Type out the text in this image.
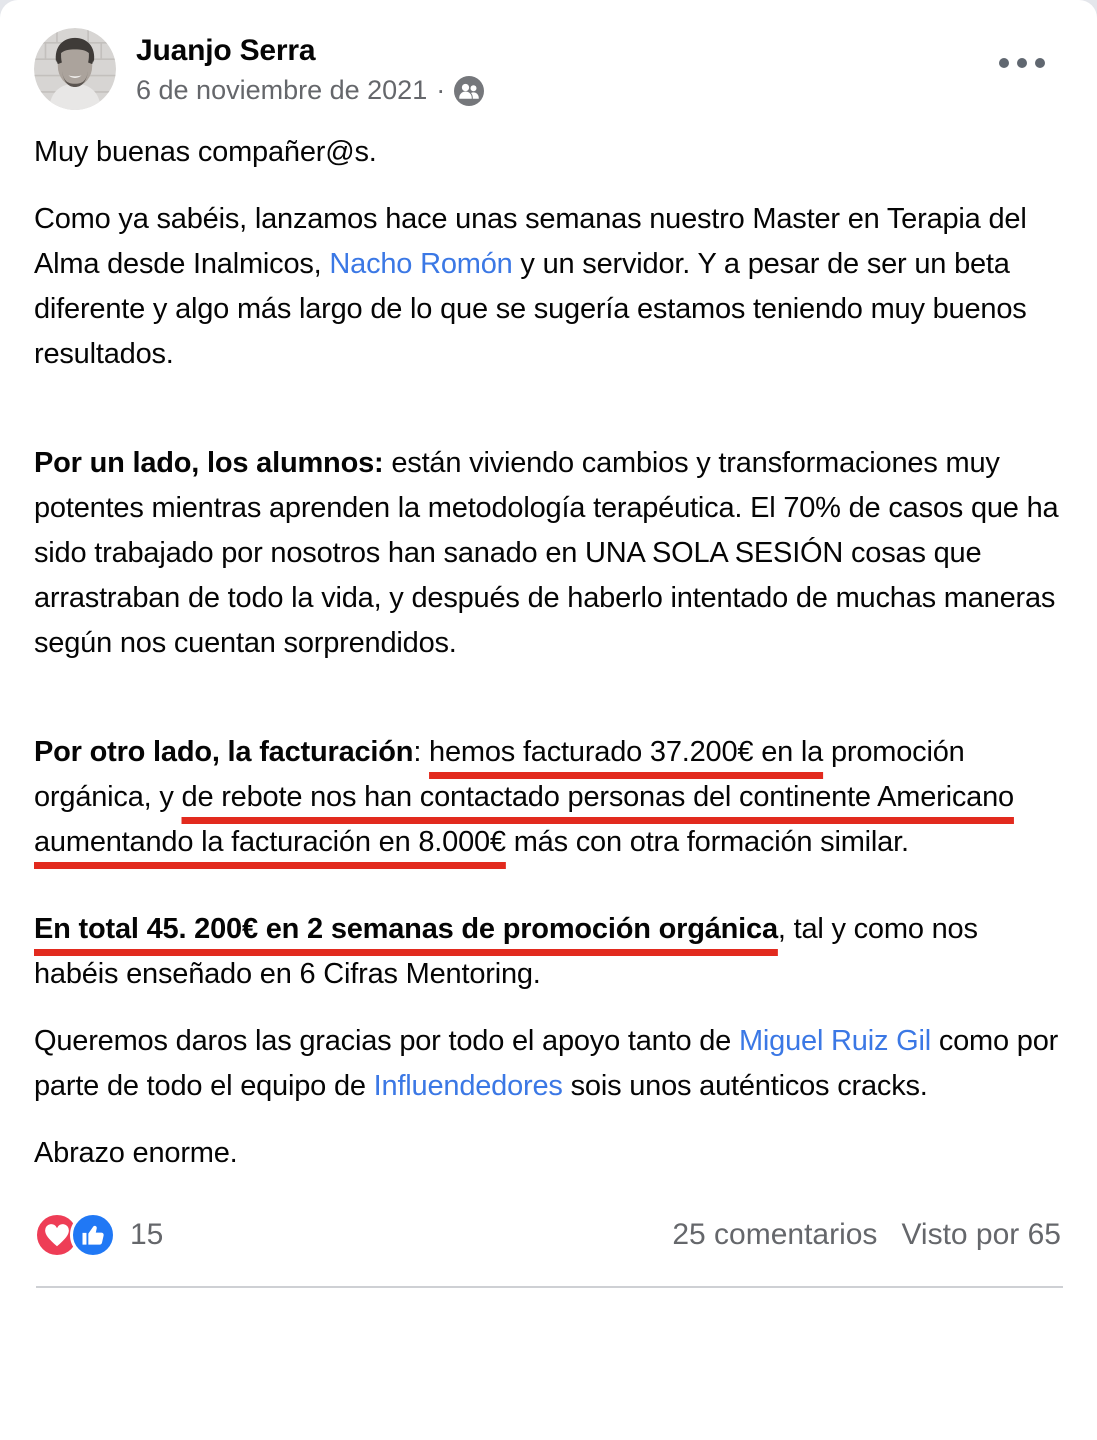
Juanjo Serra
6 de noviembre de 2021 ·

Muy buenas compañer@s.

Como ya sabéis, lanzamos hace unas semanas nuestro Master en Terapia del Alma desde Inalmicos, Nacho Romón y un servidor. Y a pesar de ser un beta diferente y algo más largo de lo que se sugería estamos teniendo muy buenos resultados.

Por un lado, los alumnos: están viviendo cambios y transformaciones muy potentes mientras aprenden la metodología terapéutica. El 70% de casos que ha sido trabajado por nosotros han sanado en UNA SOLA SESIÓN cosas que arrastraban de todo la vida, y después de haberlo intentado de muchas maneras según nos cuentan sorprendidos.

Por otro lado, la facturación: hemos facturado 37.200€ en la promoción orgánica, y de rebote nos han contactado personas del continente Americano aumentando la facturación en 8.000€ más con otra formación similar.

En total 45. 200€ en 2 semanas de promoción orgánica, tal y como nos habéis enseñado en 6 Cifras Mentoring.

Queremos daros las gracias por todo el apoyo tanto de Miguel Ruiz Gil como por parte de todo el equipo de Influendedores sois unos auténticos cracks.

Abrazo enorme.

15	25 comentarios Visto por 65
